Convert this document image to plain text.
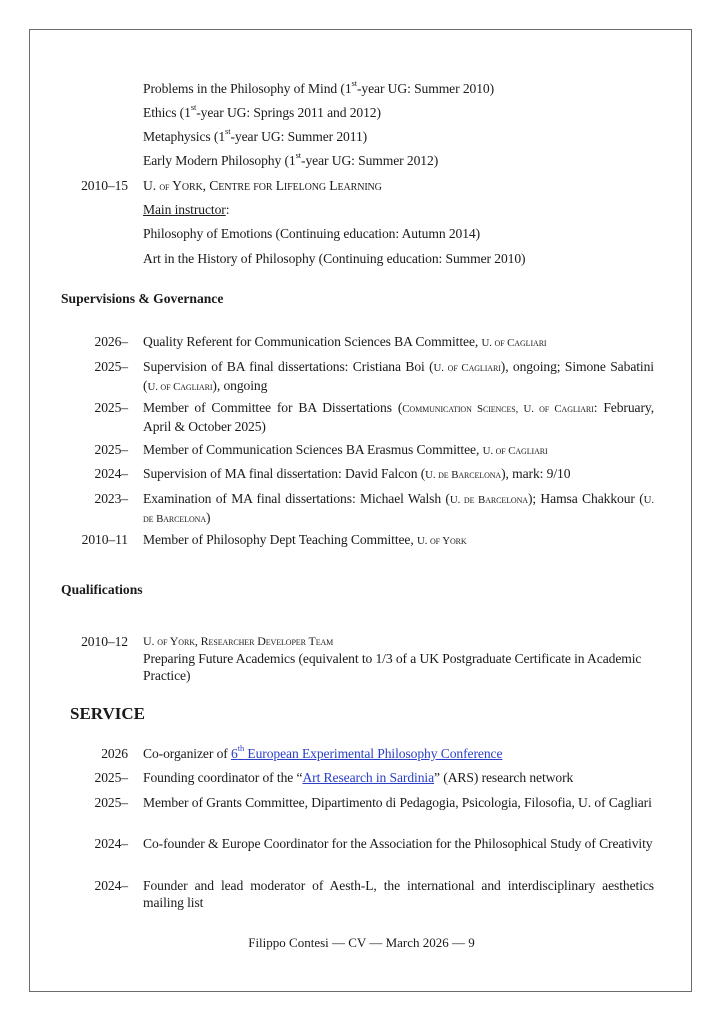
Problems in the Philosophy of Mind (1st-year UG: Summer 2010)
Ethics (1st-year UG: Springs 2011 and 2012)
Metaphysics (1st-year UG: Summer 2011)
Early Modern Philosophy (1st-year UG: Summer 2012)
2010–15 U. of York, Centre for Lifelong Learning
Main instructor:
Philosophy of Emotions (Continuing education: Autumn 2014)
Art in the History of Philosophy (Continuing education: Summer 2010)
Supervisions & Governance
2026– Quality Referent for Communication Sciences BA Committee, U. of Cagliari
2025– Supervision of BA final dissertations: Cristiana Boi (U. of Cagliari), ongoing; Simone Sabatini (U. of Cagliari), ongoing
2025– Member of Committee for BA Dissertations (Communication Sciences, U. of Cagliari: February, April & October 2025)
2025– Member of Communication Sciences BA Erasmus Committee, U. of Cagliari
2024– Supervision of MA final dissertation: David Falcon (U. de Barcelona), mark: 9/10
2023– Examination of MA final dissertations: Michael Walsh (U. de Barcelona); Hamsa Chakkour (U. de Barcelona)
2010–11 Member of Philosophy Dept Teaching Committee, U. of York
Qualifications
2010–12 U. of York, Researcher Developer Team
Preparing Future Academics (equivalent to 1/3 of a UK Postgraduate Certificate in Academic Practice)
SERVICE
2026 Co-organizer of 6th European Experimental Philosophy Conference
2025– Founding coordinator of the “Art Research in Sardinia” (ARS) research network
2025– Member of Grants Committee, Dipartimento di Pedagogia, Psicologia, Filosofia, U. of Cagliari
2024– Co-founder & Europe Coordinator for the Association for the Philosophical Study of Creativity
2024– Founder and lead moderator of Aesth-L, the international and interdisciplinary aesthetics mailing list
Filippo Contesi — CV — March 2026 — 9
